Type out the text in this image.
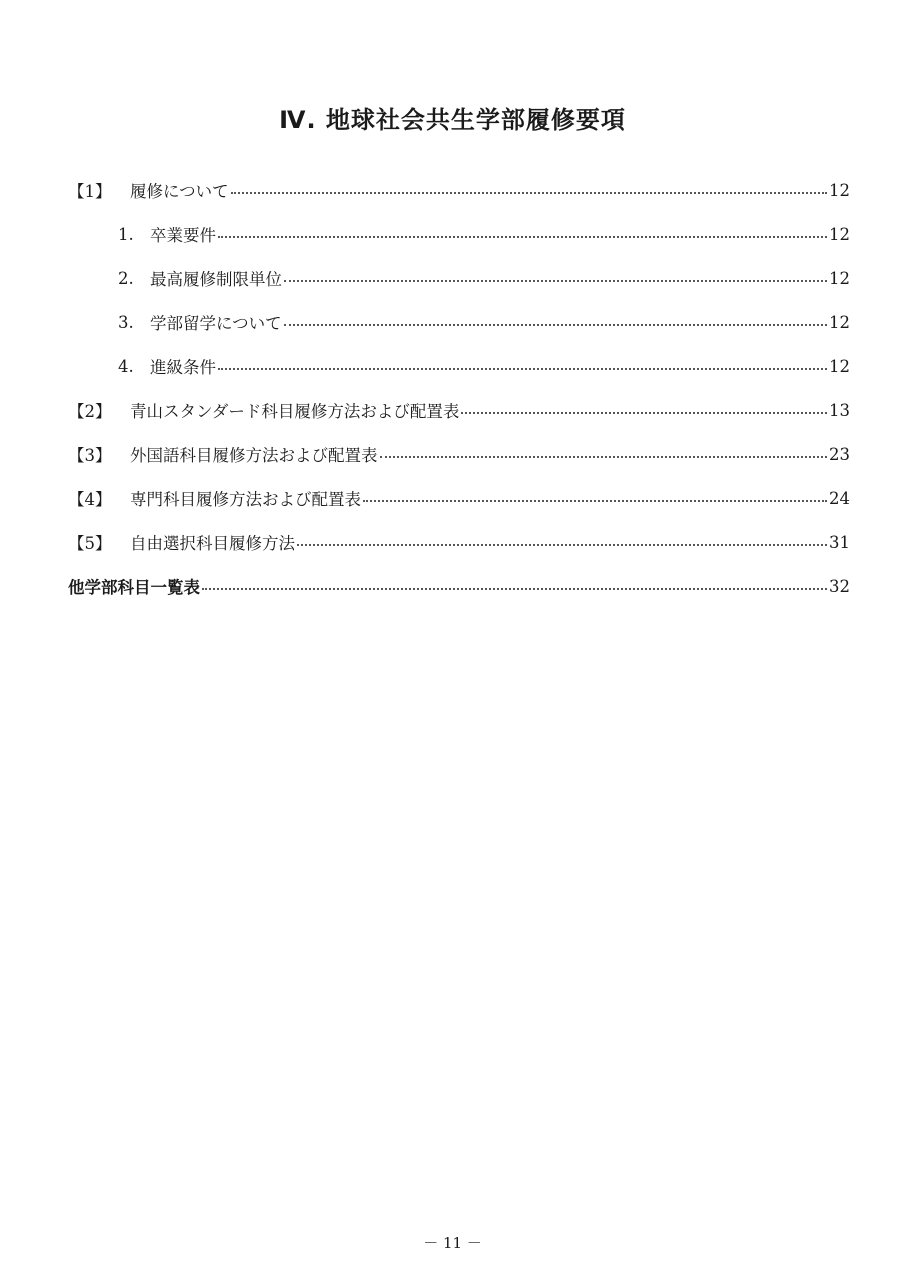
Ⅳ. 地球社会共生学部履修要項
【1】	履修について	12
1. 卒業要件	12
2. 最高履修制限単位	12
3. 学部留学について	12
4. 進級条件	12
【2】	青山スタンダード科目履修方法および配置表	13
【3】	外国語科目履修方法および配置表	23
【4】	専門科目履修方法および配置表	24
【5】	自由選択科目履修方法	31
他学部科目一覧表	32
－ 11 －
